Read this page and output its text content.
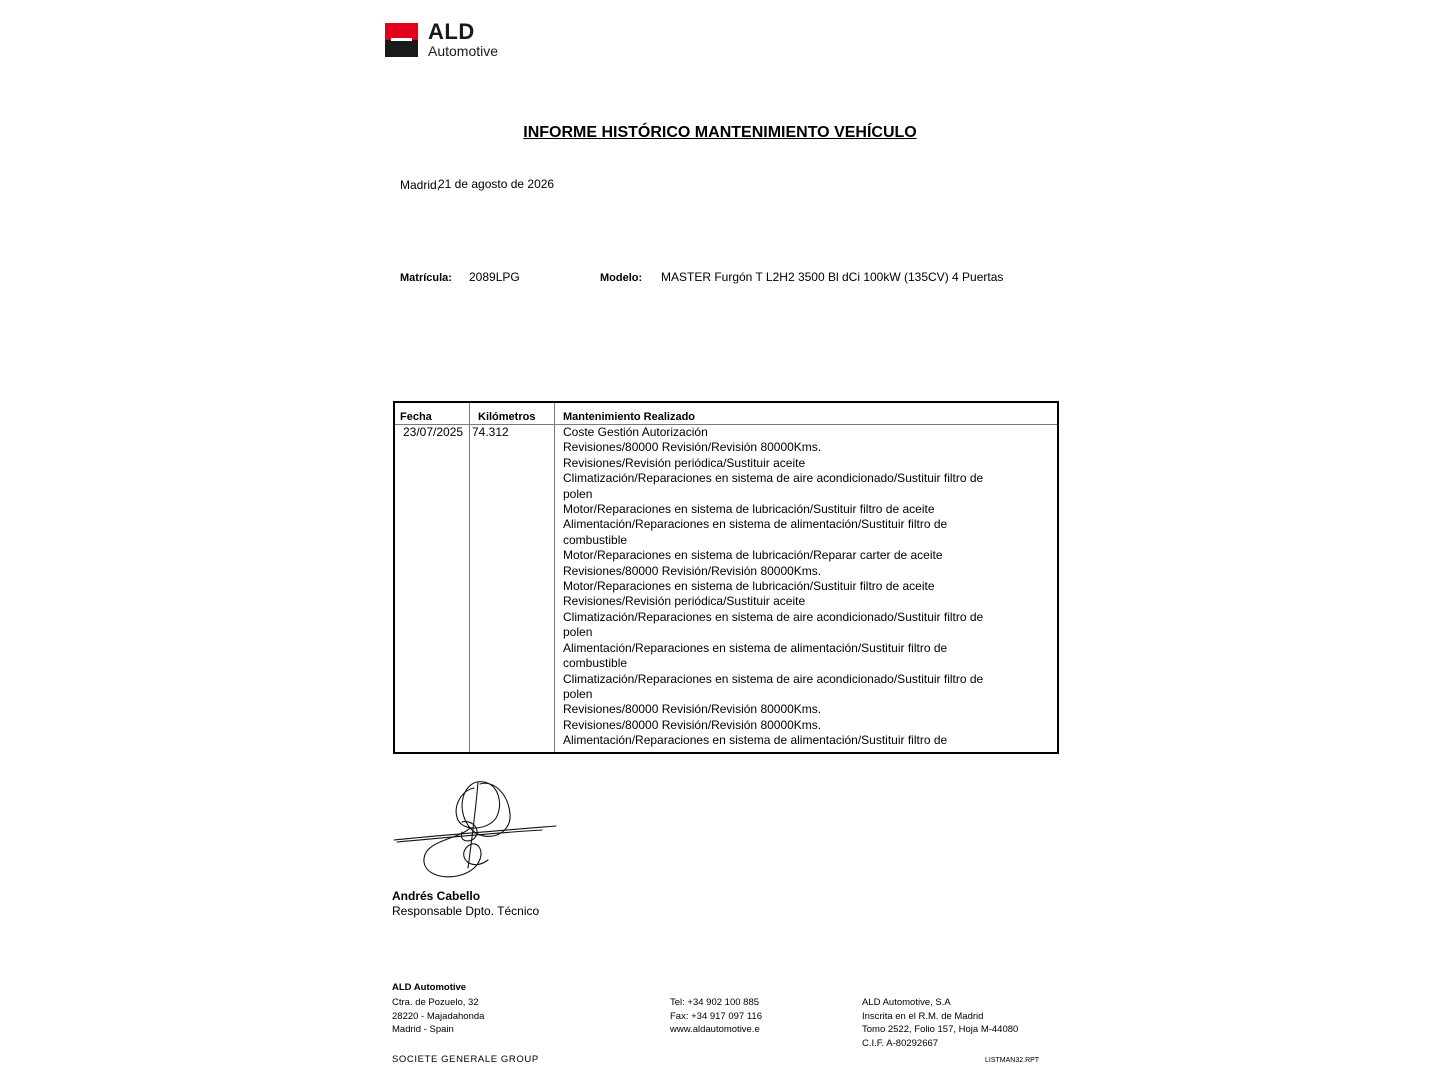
ALD
Automotive
INFORME HISTÓRICO MANTENIMIENTO VEHÍCULO
Madrid,
21 de agosto de 2026
Matrícula: 2089LPG	Modelo: MASTER Furgón T L2H2 3500 Bl dCi 100kW (135CV) 4 Puertas
Fecha	Kilómetros	Mantenimiento Realizado
23/07/2025 74.312	Coste Gestión Autorización
Revisiones/80000 Revisión/Revisión 80000Kms.
Revisiones/Revisión periódica/Sustituir aceite
Climatización/Reparaciones en sistema de aire acondicionado/Sustituir filtro de
polen
Motor/Reparaciones en sistema de lubricación/Sustituir filtro de aceite
Alimentación/Reparaciones en sistema de alimentación/Sustituir filtro de
combustible
Motor/Reparaciones en sistema de lubricación/Reparar carter de aceite
Revisiones/80000 Revisión/Revisión 80000Kms.
Motor/Reparaciones en sistema de lubricación/Sustituir filtro de aceite
Revisiones/Revisión periódica/Sustituir aceite
Climatización/Reparaciones en sistema de aire acondicionado/Sustituir filtro de
polen
Alimentación/Reparaciones en sistema de alimentación/Sustituir filtro de
combustible
Climatización/Reparaciones en sistema de aire acondicionado/Sustituir filtro de
polen
Revisiones/80000 Revisión/Revisión 80000Kms.
Revisiones/80000 Revisión/Revisión 80000Kms.
Alimentación/Reparaciones en sistema de alimentación/Sustituir filtro de
Andrés Cabello
Responsable Dpto. Técnico
ALD Automotive
Ctra. de Pozuelo, 32
28220 - Majadahonda
Madrid - Spain
Tel: +34 902 100 885
Fax: +34 917 097 116
www.aldautomotive.e
ALD Automotive, S.A
Inscrita en el R.M. de Madrid
Tomo 2522, Folio 157, Hoja M-44080
C.I.F. A-80292667
SOCIETE GENERALE GROUP	LISTMAN32.RPT
